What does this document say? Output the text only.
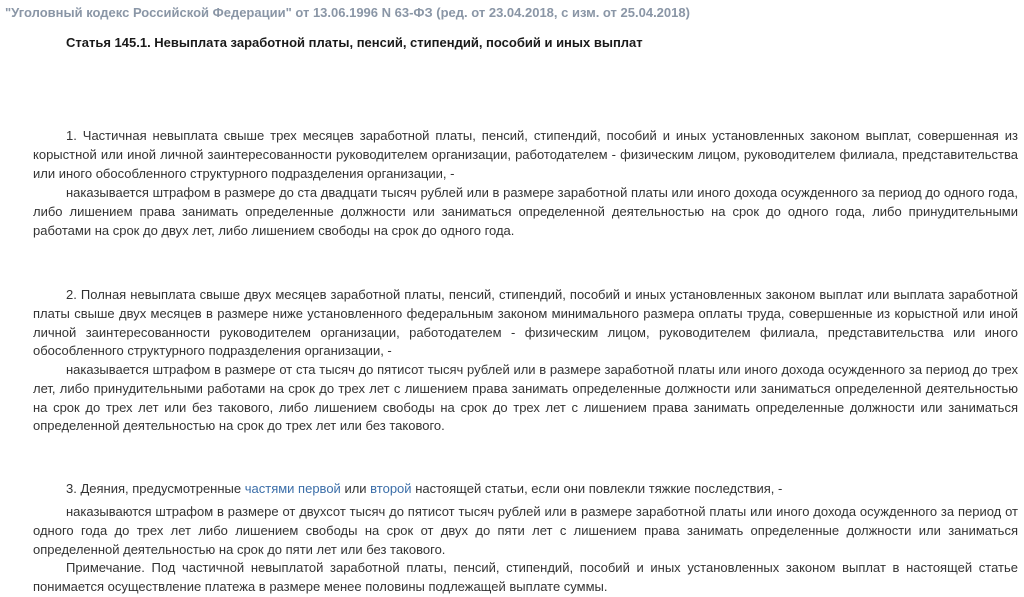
"Уголовный кодекс Российской Федерации" от 13.06.1996 N 63-ФЗ (ред. от 23.04.2018, с изм. от 25.04.2018)
Статья 145.1. Невыплата заработной платы, пенсий, стипендий, пособий и иных выплат

1. Частичная невыплата свыше трех месяцев заработной платы, пенсий, стипендий, пособий и иных установленных законом выплат, совершенная из корыстной или иной личной заинтересованности руководителем организации, работодателем - физическим лицом, руководителем филиала, представительства или иного обособленного структурного подразделения организации, -

наказывается штрафом в размере до ста двадцати тысяч рублей или в размере заработной платы или иного дохода осужденного за период до одного года, либо лишением права занимать определенные должности или заниматься определенной деятельностью на срок до одного года, либо принудительными работами на срок до двух лет, либо лишением свободы на срок до одного года.

2. Полная невыплата свыше двух месяцев заработной платы, пенсий, стипендий, пособий и иных установленных законом выплат или выплата заработной платы свыше двух месяцев в размере ниже установленного федеральным законом минимального размера оплаты труда, совершенные из корыстной или иной личной заинтересованности руководителем организации, работодателем - физическим лицом, руководителем филиала, представительства или иного обособленного структурного подразделения организации, -

наказывается штрафом в размере от ста тысяч до пятисот тысяч рублей или в размере заработной платы или иного дохода осужденного за период до трех лет, либо принудительными работами на срок до трех лет с лишением права занимать определенные должности или заниматься определенной деятельностью на срок до трех лет или без такового, либо лишением свободы на срок до трех лет с лишением права занимать определенные должности или заниматься определенной деятельностью на срок до трех лет или без такового.

3. Деяния, предусмотренные частями первой или второй настоящей статьи, если они повлекли тяжкие последствия, -

наказываются штрафом в размере от двухсот тысяч до пятисот тысяч рублей или в размере заработной платы или иного дохода осужденного за период от одного года до трех лет либо лишением свободы на срок от двух до пяти лет с лишением права занимать определенные должности или заниматься определенной деятельностью на срок до пяти лет или без такового.

Примечание. Под частичной невыплатой заработной платы, пенсий, стипендий, пособий и иных установленных законом выплат в настоящей статье понимается осуществление платежа в размере менее половины подлежащей выплате суммы.
